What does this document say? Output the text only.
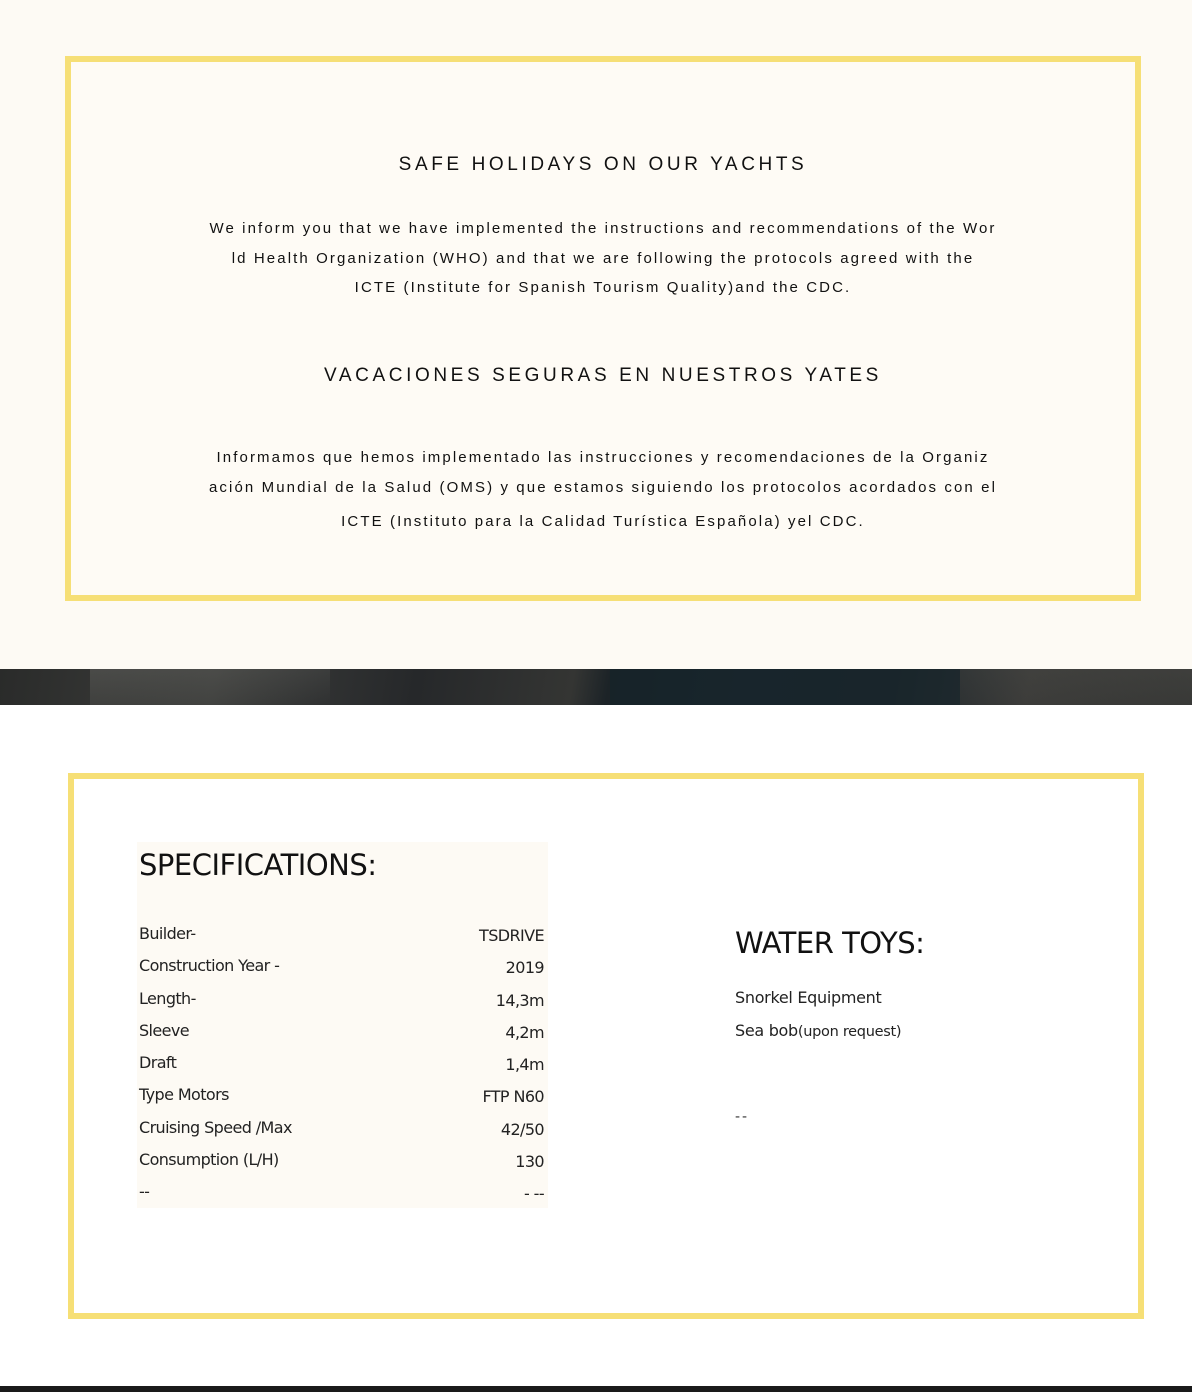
SAFE HOLIDAYS ON OUR YACHTS

We inform you that we have implemented the instructions and recommendations of the Wor
ld Health Organization (WHO) and that we are following the protocols agreed with the
ICTE (Institute for Spanish Tourism Quality)and the CDC.

VACACIONES SEGURAS EN NUESTROS YATES

Informamos que hemos implementado las instrucciones y recomendaciones de la Organiz
ación Mundial de la Salud (OMS) y que estamos siguiendo los protocolos acordados con el
ICTE (Instituto para la Calidad Turística Española) yel CDC.

SPECIFICATIONS:
Builder-	TSDRIVE
Construction Year -	2019
Length-	14,3m
Sleeve	4,2m
Draft	1,4m
Type Motors	FTP N60
Cruising Speed /Max	42/50
Consumption (L/H)	130
--	- --
WATER TOYS:
Snorkel Equipment
Sea bob(upon request)
--
